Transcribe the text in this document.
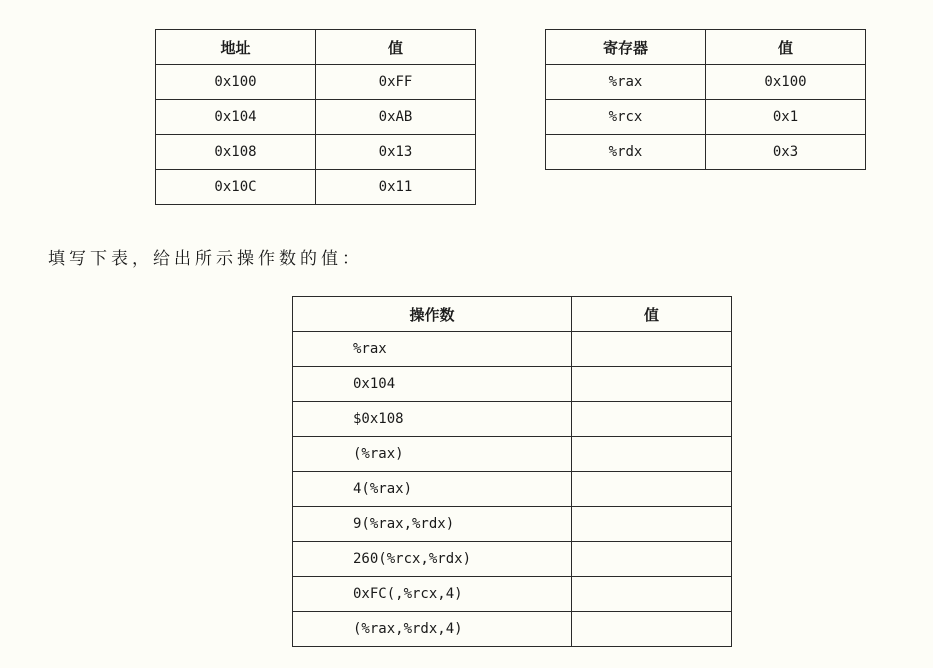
地址	值
0x100	0xFF
0x104	0xAB
0x108	0x13
0x10C	0x11
寄存器	值
%rax	0x100
%rcx	0x1
%rdx	0x3
填写下表，给出所示操作数的值：
操作数	值
%rax	
0x104	
$0x108	
(%rax)	
4(%rax)	
9(%rax,%rdx)	
260(%rcx,%rdx)	
0xFC(,%rcx,4)	
(%rax,%rdx,4)	
